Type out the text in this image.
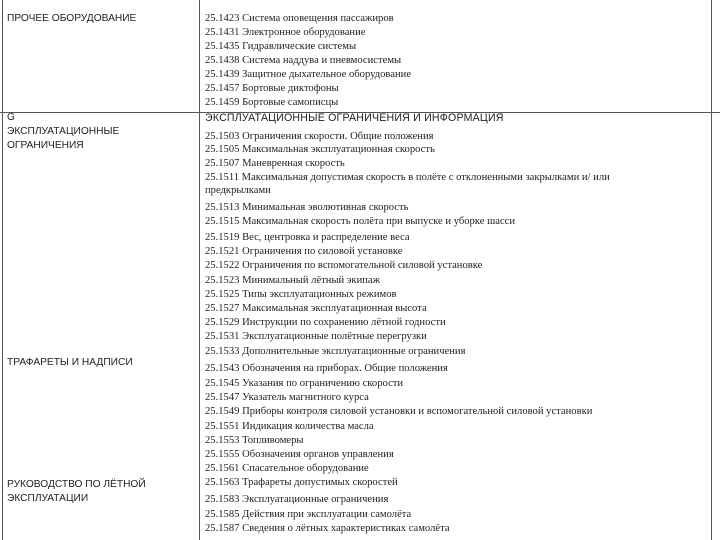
ПРОЧЕЕ ОБОРУДОВАНИЕ	25.1423 Система оповещения пассажиров
25.1431 Электронное оборудование
25.1435 Гидравлические системы
25.1438 Система наддува и пневмосистемы
25.1439 Защитное дыхательное оборудование
25.1457 Бортовые диктофоны
25.1459 Бортовые самописцы
G
ЭКСПЛУАТАЦИОННЫЕ
ОГРАНИЧЕНИЯ
ЭКСПЛУАТАЦИОННЫЕ ОГРАНИЧЕНИЯ И ИНФОРМАЦИЯ
25.1503 Ограничения скорости. Общие положения
25.1505 Максимальная эксплуатационная скорость
25.1507 Маневренная скорость
25.1511 Максимальная допустимая скорость в полёте с отклоненными закрылками и/ или
предкрылками
25.1513 Минимальная эволютивная скорость
25.1515 Максимальная скорость полёта при выпуске и уборке шасси
25.1519 Вес, центровка и распределение веса
25.1521 Ограничения по силовой установке
25.1522 Ограничения по вспомогательной силовой установке
25.1523 Минимальный лётный экипаж
25.1525 Типы эксплуатационных режимов
25.1527 Максимальная эксплуатационная высота
25.1529 Инструкции по сохранению лётной годности
25.1531 Эксплуатационные полётные перегрузки
25.1533 Дополнительные эксплуатационные ограничения
ТРАФАРЕТЫ И НАДПИСИ
25.1543 Обозначения на приборах. Общие положения
25.1545 Указания по ограничению скорости
25.1547 Указатель магнитного курса
25.1549 Приборы контроля силовой установки и вспомогательной силовой установки
25.1551 Индикация количества масла
25.1553 Топливомеры
25.1555 Обозначения органов управления
25.1561 Спасательное оборудование
25.1563 Трафареты допустимых скоростей
РУКОВОДСТВО ПО ЛЁТНОЙ
ЭКСПЛУАТАЦИИ	25.1583 Эксплуатационные ограничения
25.1585 Действия при эксплуатации самолёта
25.1587 Сведения о лётных характеристиках самолёта
